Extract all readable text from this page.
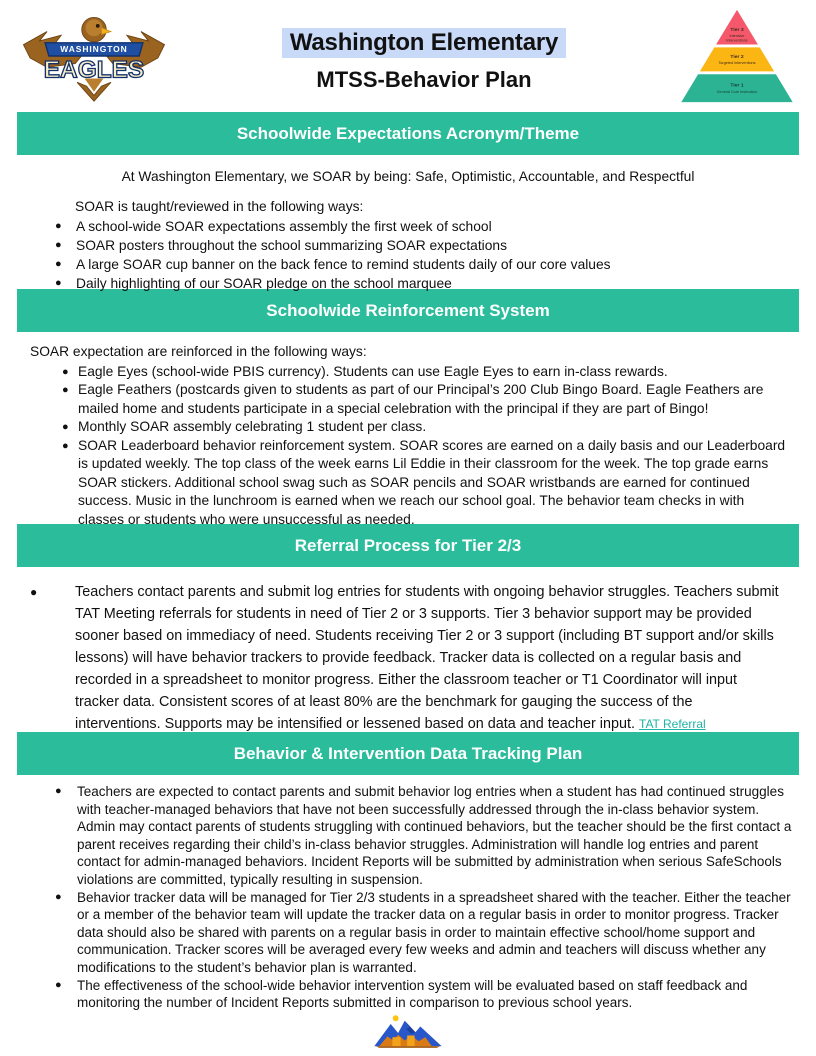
WASHINGTON
EAGLES
Washington Elementary
MTSS-Behavior Plan
Tier 3
Intensive
Interventions
Tier 2
Targeted Interventions
Tier 1
General Core Instruction
Schoolwide Expectations Acronym/Theme
At Washington Elementary, we SOAR by being: Safe, Optimistic, Accountable, and Respectful
SOAR is taught/reviewed in the following ways:
●	A school-wide SOAR expectations assembly the first week of school
●	SOAR posters throughout the school summarizing SOAR expectations
●	A large SOAR cup banner on the back fence to remind students daily of our core values
●	Daily highlighting of our SOAR pledge on the school marquee
Schoolwide Reinforcement System
SOAR expectation are reinforced in the following ways:
● Eagle Eyes (school-wide PBIS currency). Students can use Eagle Eyes to earn in-class rewards.
● Eagle Feathers (postcards given to students as part of our Principal’s 200 Club Bingo Board. Eagle Feathers are mailed home and students participate in a special celebration with the principal if they are part of Bingo!
● Monthly SOAR assembly celebrating 1 student per class.
● SOAR Leaderboard behavior reinforcement system. SOAR scores are earned on a daily basis and our Leaderboard is updated weekly. The top class of the week earns Lil Eddie in their classroom for the week. The top grade earns SOAR stickers. Additional school swag such as SOAR pencils and SOAR wristbands are earned for continued success. Music in the lunchroom is earned when we reach our school goal. The behavior team checks in with classes or students who were unsuccessful as needed.
Referral Process for Tier 2/3
●	Teachers contact parents and submit log entries for students with ongoing behavior struggles. Teachers submit TAT Meeting referrals for students in need of Tier 2 or 3 supports. Tier 3 behavior support may be provided sooner based on immediacy of need. Students receiving Tier 2 or 3 support (including BT support and/or skills lessons) will have behavior trackers to provide feedback. Tracker data is collected on a regular basis and recorded in a spreadsheet to monitor progress. Either the classroom teacher or T1 Coordinator will input tracker data. Consistent scores of at least 80% are the benchmark for gauging the success of the interventions. Supports may be intensified or lessened based on data and teacher input. TAT Referral
Behavior & Intervention Data Tracking Plan
●	Teachers are expected to contact parents and submit behavior log entries when a student has had continued struggles with teacher-managed behaviors that have not been successfully addressed through the in-class behavior system. Admin may contact parents of students struggling with continued behaviors, but the teacher should be the first contact a parent receives regarding their child’s in-class behavior struggles. Administration will handle log entries and parent contact for admin-managed behaviors. Incident Reports will be submitted by administration when serious SafeSchools violations are committed, typically resulting in suspension.
●	Behavior tracker data will be managed for Tier 2/3 students in a spreadsheet shared with the teacher. Either the teacher or a member of the behavior team will update the tracker data on a regular basis in order to monitor progress. Tracker data should also be shared with parents on a regular basis in order to maintain effective school/home support and communication. Tracker scores will be averaged every few weeks and admin and teachers will discuss whether any modifications to the student’s behavior plan is warranted.
●	The effectiveness of the school-wide behavior intervention system will be evaluated based on staff feedback and monitoring the number of Incident Reports submitted in comparison to previous school years.
